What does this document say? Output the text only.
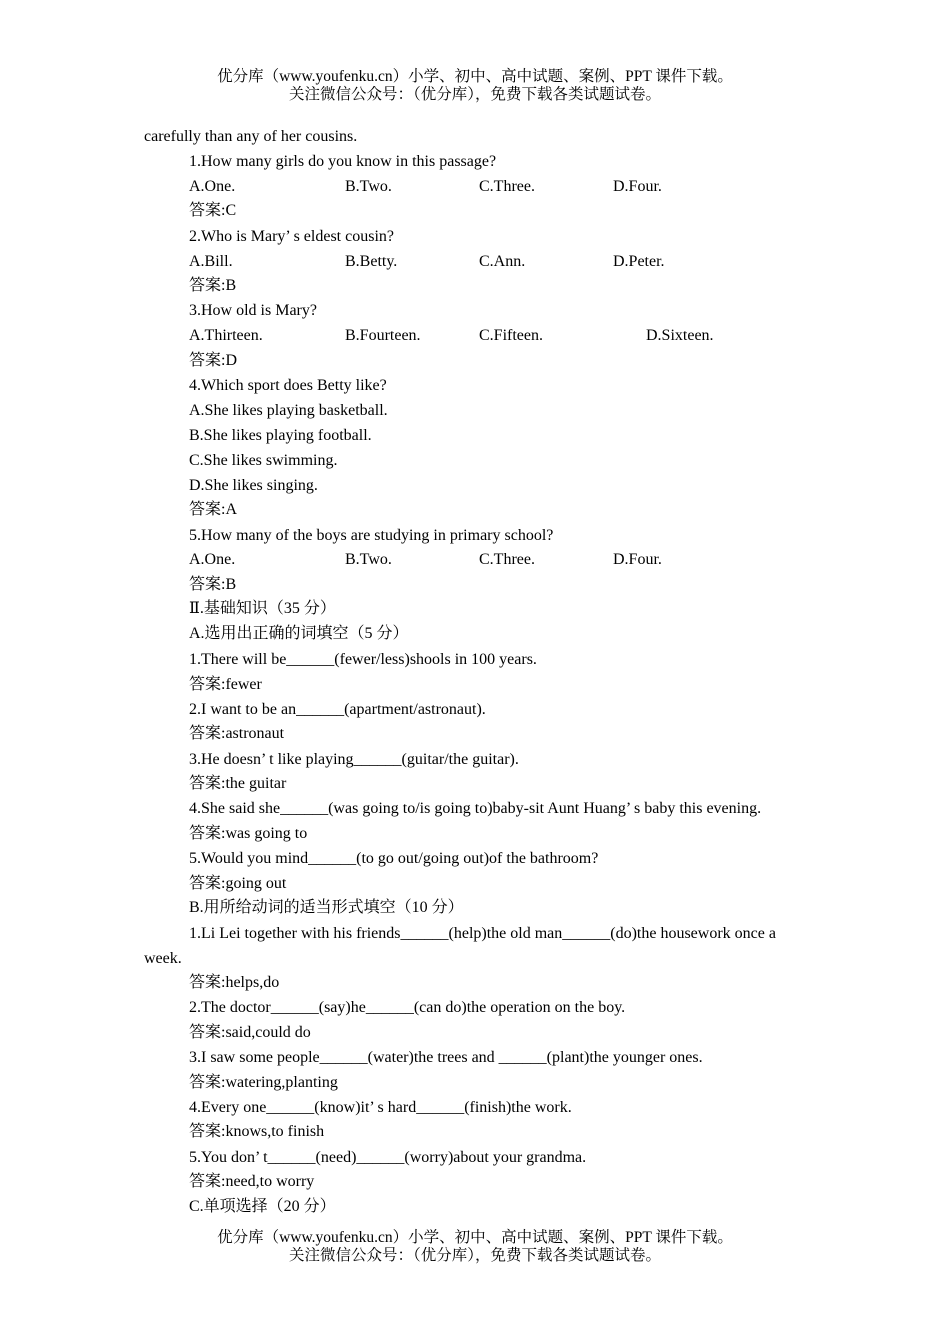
优分库（www.youfenku.cn）小学、初中、高中试题、案例、PPT 课件下载。
关注微信公众号：（优分库），免费下载各类试题试卷。
carefully than any of her cousins.
1.How many girls do you know in this passage?
A.One.	B.Two.	C.Three.	D.Four.
答案:C
2.Who is Mary’ s eldest cousin?
A.Bill.	B.Betty.	C.Ann.	D.Peter.
答案:B
3.How old is Mary?
A.Thirteen.	B.Fourteen.	C.Fifteen.	D.Sixteen.
答案:D
4.Which sport does Betty like?
A.She likes playing basketball.
B.She likes playing football.
C.She likes swimming.
D.She likes singing.
答案:A
5.How many of the boys are studying in primary school?
A.One.	B.Two.	C.Three.	D.Four.
答案:B
Ⅱ.基础知识（35 分）
A.选用出正确的词填空（5 分）
1.There will be______(fewer/less)shools in 100 years.
答案:fewer
2.I want to be an______(apartment/astronaut).
答案:astronaut
3.He doesn’ t like playing______(guitar/the guitar).
答案:the guitar
4.She said she______(was going to/is going to)baby-sit Aunt Huang’ s baby this evening.
答案:was going to
5.Would you mind______(to go out/going out)of the bathroom?
答案:going out
B.用所给动词的适当形式填空（10 分）
1.Li Lei together with his friends______(help)the old man______(do)the housework once a
week.
答案:helps,do
2.The doctor______(say)he______(can do)the operation on the boy.
答案:said,could do
3.I saw some people______(water)the trees and ______(plant)the younger ones.
答案:watering,planting
4.Every one______(know)it’ s hard______(finish)the work.
答案:knows,to finish
5.You don’ t______(need)______(worry)about your grandma.
答案:need,to worry
C.单项选择（20 分）
优分库（www.youfenku.cn）小学、初中、高中试题、案例、PPT 课件下载。
关注微信公众号：（优分库），免费下载各类试题试卷。
